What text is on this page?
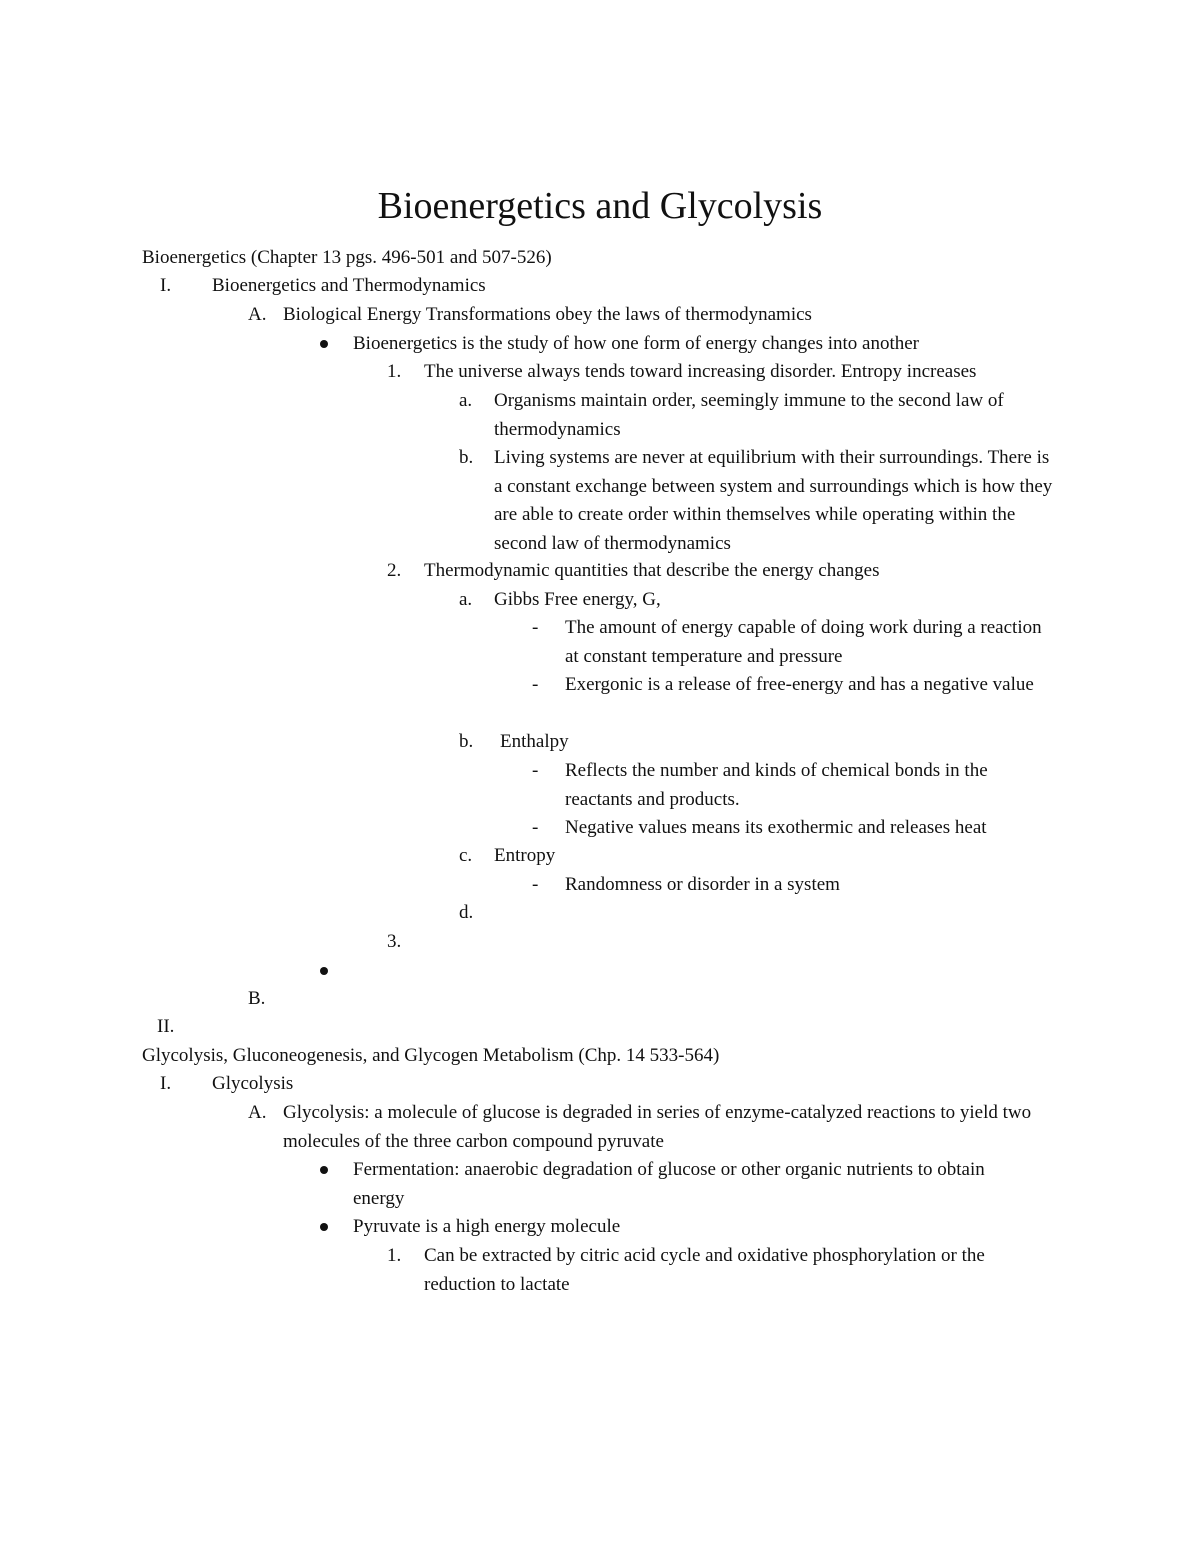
Bioenergetics and Glycolysis
Bioenergetics (Chapter 13 pgs. 496-501 and 507-526)
I. Bioenergetics and Thermodynamics
A. Biological Energy Transformations obey the laws of thermodynamics
Bioenergetics is the study of how one form of energy changes into another
1. The universe always tends toward increasing disorder. Entropy increases
a. Organisms maintain order, seemingly immune to the second law of thermodynamics
b. Living systems are never at equilibrium with their surroundings. There is a constant exchange between system and surroundings which is how they are able to create order within themselves while operating within the second law of thermodynamics
2. Thermodynamic quantities that describe the energy changes
a. Gibbs Free energy, G,
- The amount of energy capable of doing work during a reaction at constant temperature and pressure
- Exergonic is a release of free-energy and has a negative value
b. Enthalpy
- Reflects the number and kinds of chemical bonds in the reactants and products.
- Negative values means its exothermic and releases heat
c. Entropy
- Randomness or disorder in a system
d.
3.
B.
II.
Glycolysis, Gluconeogenesis, and Glycogen Metabolism (Chp. 14 533-564)
I. Glycolysis
A. Glycolysis: a molecule of glucose is degraded in series of enzyme-catalyzed reactions to yield two molecules of the three carbon compound pyruvate
Fermentation: anaerobic degradation of glucose or other organic nutrients to obtain energy
Pyruvate is a high energy molecule
1. Can be extracted by citric acid cycle and oxidative phosphorylation or the reduction to lactate
